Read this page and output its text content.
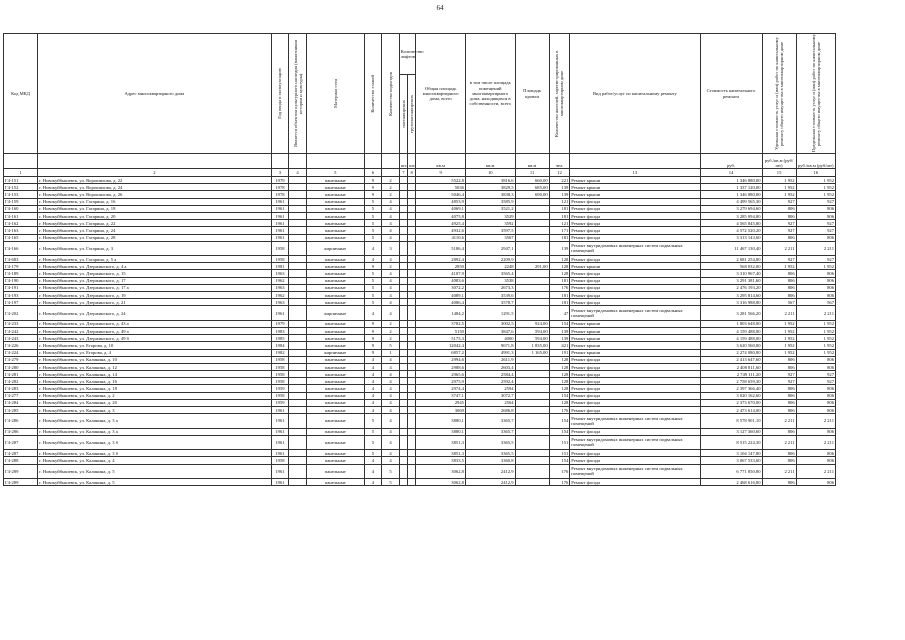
64
Код МКД	Адрес многоквартирного дома	Год ввода в эксплуатацию	Является объектом культурного наследия (памятником истории и культуры)	Материал стен	Количество этажей	Количество подъездов	Количество лифтов		Общая площадь многоквартирного дома, всего	в том числе площадь помещений многоквартирного дома, находящихся в собственности, всего	Площадь кровли	Количество жителей, зарегистрированных в многоквартирном доме	Вид работ/услуг по капитальному ремонту	Стоимость капитального ремонта	Удельная стоимость услуг и (или) работ по капитальному ремонту общего имущества в многоквартирном доме	Предельная стоимость услуг и (или) работ по капитальному ремонту общего имущества в многоквартирном доме

							пассажирских	грузопассажирских								

							шт.	шт.	кв.м	кв.м	кв.м	чел.		руб.	руб./кв.м (руб/шт)	руб./кв.м (руб/шт)
1	2	3	4	5	6		7	8	9	10	11	12	13	14	15	16
Г4-151	г. Новокуйбышевск, ул. Ворошилова, д. 22	1979		панельные	9	2			5522,8	3816,6	660,00	221	Ремонт крыши	1 346 880,00	1 952	1 952
Г4-152	г. Новокуйбышевск, ул. Ворошилова, д. 24	1978		панельные	9	2			5036	3829,5	685,00	139	Ремонт крыши	1 337 120,00	1 952	1 952
Г4-153	г. Новокуйбышевск, ул. Ворошилова, д. 26	1978		панельные	9	2			5046,4	3838,3	690,00	139	Ремонт крыши	1 346 880,00	1 952	1 952
Г4-159	г. Новокуйбышевск, ул. Гагарина, д. 16	1961		панельные	5	4			4853,9	3585,9		121	Ремонт фасада	4 499 565,30	927	927
Г4-160	г. Новокуйбышевск, ул. Гагарина, д. 18	1961		панельные	5	4			4069,1	3521,2		181	Ремонт фасада	3 279 694,60	806	806
Г4-161	г. Новокуйбышевск, ул. Гагарина, д. 20	1961		панельные	5	4			4075,8	3529		181	Ремонт фасада	3 285 094,80	806	806
Г4-162	г. Новокуйбышевск, ул. Гагарина, д. 22	1961		панельные	5	4			4925,4	3592		121	Ремонт фасада	4 565 845,80	927	927
Г4-163	г. Новокуйбышевск, ул. Гагарина, д. 24	1961		панельные	5	4			4932,6	3597,5		171	Ремонт фасада	4 572 520,20	927	927
Г4-165	г. Новокуйбышевск, ул. Гагарина, д. 28	1961		панельные	5	4			4110,6	3567		181	Ремонт фасада	3 313 143,60	806	806
Г4-166	г. Новокуйбышевск, ул. Гагарина, д. 3	1958		кирпичные	4	3			5186,4	2947,1		139	Ремонт внутридомовых инженерных систем подвальных помещений	11 467 130,40	2 211	2 211
Г4-683	г. Новокуйбышевск, ул. Гагарина, д. 5 а	1958		панельные	4	4			2892,4	2209,9		128	Ремонт фасада	2 681 254,80	927	927
Г4-179	г. Новокуйбышевск, ул. Дзержинского, д. 4 а	1981		панельные	9	2			2850	2248	291,00	128	Ремонт крыши	568 032,00	1 952	1 952
Г4-189	г. Новокуйбышевск, ул. Дзержинского, д. 15	1963		панельные	5	4			4107,9	3565,4		128	Ремонт фасада	3 310 967,40	806	806
Г4-190	г. Новокуйбышевск, ул. Дзержинского, д. 17	1962		панельные	5	4			4083,6	3538		181	Ремонт фасада	3 291 381,60	806	806
Г4-191	г. Новокуйбышевск, ул. Дзержинского, д. 17 а	1963		панельные	5	4			3072,2	2673,3		176	Ремонт фасада	2 476 193,20	806	806
Г4-193	г. Новокуйбышевск, ул. Дзержинского, д. 19	1962		панельные	5	4			4089,1	3539,6		181	Ремонт фасада	3 295 814,60	806	806
Г4-197	г. Новокуйбышевск, ул. Дзержинского, д. 21	1963		панельные	5	4			4086,4	3578,7		181	Ремонт фасада	3 316 988,80	567	567
Г4-202	г. Новокуйбышевск, ул. Дзержинского, д. 24	1961		кирпичные	4	4			1484,2	1291,5		47	Ремонт внутридомовых инженерных систем подвальных помещений	3 281 566,20	2 211	2 211
Г4-233	г. Новокуйбышевск, ул. Дзержинского, д. 43 а	1979		панельные	9	2			3782,5	3002,5	924,00	154	Ремонт крыши	1 803 648,00	1 952	1 952
Г4-242	г. Новокуйбышевск, ул. Дзержинского, д. 49 а	1983		панельные	9	2			5150	3847,6	594,00	139	Ремонт крыши	4 159 488,00	1 952	1 952
Г4-243	г. Новокуйбышевск, ул. Дзержинского, д. 49 б	1985		панельные	9	2			5175,3	4000	594,00	139	Ремонт крыши	4 159 488,00	1 952	1 952
Г4-226	г. Новокуйбышевск, ул. Егорова, д. 10	1984		панельные	9	5			12042,4	9671,8	1 835,00	421	Ремонт крыши	3 620 560,00	1 952	1 952
Г4-224	г. Новокуйбышевск, ул. Егорова, д. 4	1982		кирпичные	9	1			6857,2	4991,3	1 165,00	191	Ремонт крыши	2 274 080,00	1 952	1 952
Г4-279	г. Новокуйбышевск, ул. Калинина, д. 10	1958		панельные	4	4			2994,6	2611,9		128	Ремонт фасада	2 413 647,60	806	806
Г4-280	г. Новокуйбышевск, ул. Калинина, д. 12	1958		панельные	4	4			2988,6	2603,4		128	Ремонт фасада	2 408 811,60	806	806
Г4-281	г. Новокуйбышевск, ул. Калинина, д. 14	1958		панельные	4	4			2965,6	2584,4		128	Ремонт фасада	2 749 111,20	927	927
Г4-282	г. Новокуйбышевск, ул. Калинина, д. 16	1958		панельные	4	4			2975,9	2592,4		128	Ремонт фасада	2 758 659,30	927	927
Г4-283	г. Новокуйбышевск, ул. Калинина, д. 18	1959		панельные	4	4			2974,4	2594		128	Ремонт фасада	2 397 366,40	806	806
Г4-277	г. Новокуйбышевск, ул. Калинина, д. 2	1958		панельные	4	4			3747,1	3072,7		154	Ремонт фасада	3 020 162,60	806	806
Г4-284	г. Новокуйбышевск, ул. Калинина, д. 20	1959		панельные	4	4			2945	2564		128	Ремонт фасада	2 373 670,00	806	806
Г4-285	г. Новокуйбышевск, ул. Калинина, д. 3	1961		панельные	4	4			3069	2686,8		176	Ремонт фасада	2 473 614,00	806	806
Г4-286	г. Новокуйбышевск, ул. Калинина, д. 3 а	1961		панельные	5	4			3880,1	3365,7		154	Ремонт внутридомовых инженерных систем подвальных помещений	8 578 901,10	2 211	2 211
Г4-286	г. Новокуйбышевск, ул. Калинина, д. 3 а	1961		панельные	5	4			3880,1	3365,7		154	Ремонт фасада	3 127 360,60	806	806
Г4-287	г. Новокуйбышевск, ул. Калинина, д. 3 б	1961		панельные	5	4			3851,3	3365,5		151	Ремонт внутридомовых инженерных систем подвальных помещений	8 515 224,30	2 211	2 211
Г4-287	г. Новокуйбышевск, ул. Калинина, д. 3 б	1961		панельные	5	4			3851,3	3365,5		151	Ремонт фасада	3 104 147,80	806	806
Г4-288	г. Новокуйбышевск, ул. Калинина, д. 4	1958		панельные	4	4			3833,5	3360,8		154	Ремонт фасада	3 067 533,60	806	806
Г4-289	г. Новокуйбышевск, ул. Калинина, д. 5	1961		панельные	4	5			3062,8	2412,9		176	Ремонт внутридомовых инженерных систем подвальных помещений	6 771 850,80	2 211	2 211
Г4-289	г. Новокуйбышевск, ул. Калинина, д. 5	1961		панельные	4	5			3062,8	2412,9		176	Ремонт фасада	2 468 616,80	806	806
